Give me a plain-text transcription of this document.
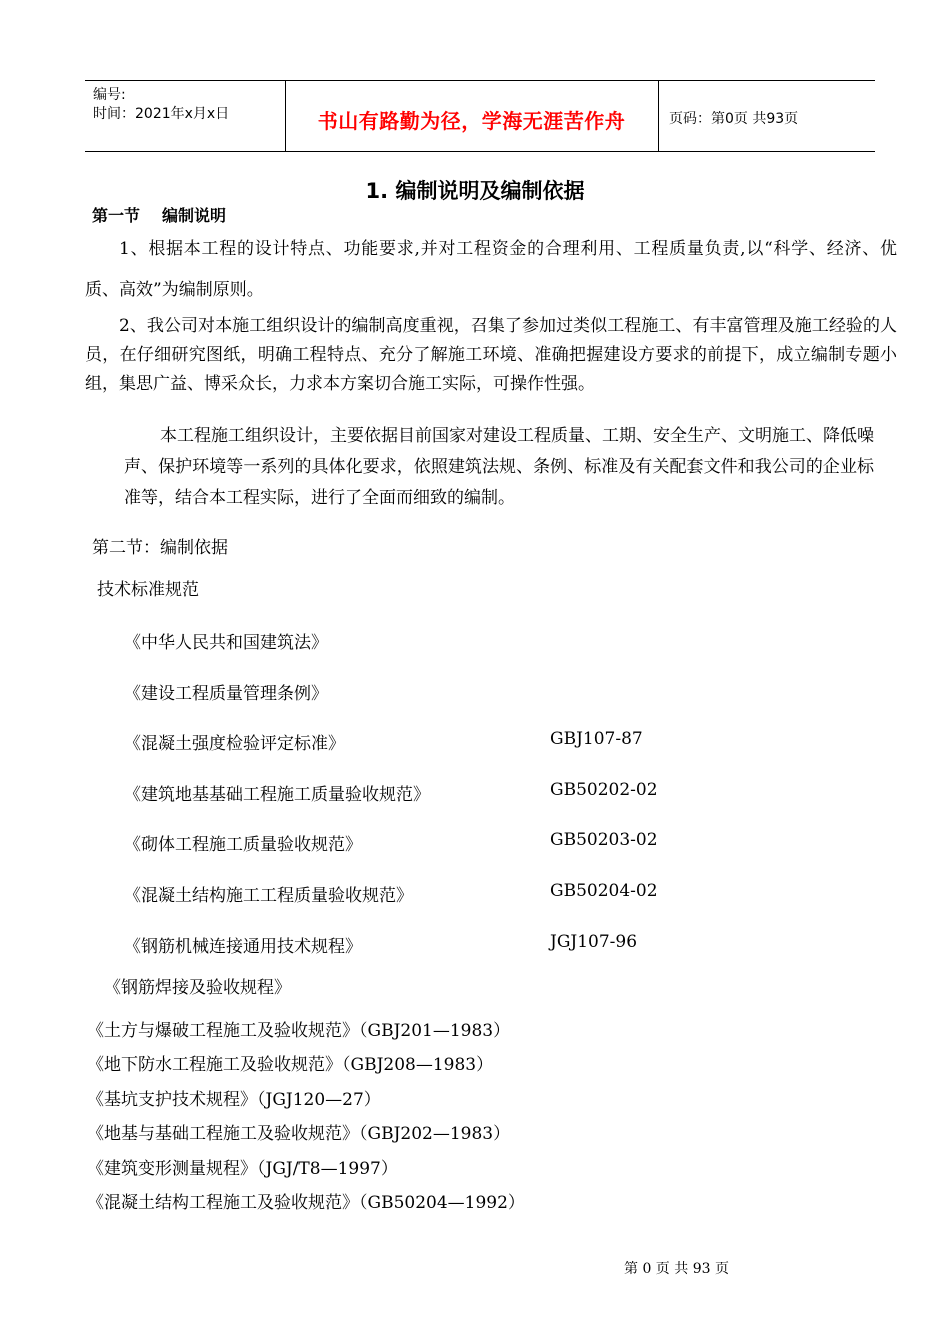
编号:
时间：2021年x月x日	书山有路勤为径，学海无涯苦作舟	页码：第0页 共93页
1. 编制说明及编制依据
第一节 编制说明
1、根据本工程的设计特点、功能要求,并对工程资金的合理利用、工程质量负责,以“科学、经济、优质、高效”为编制原则。
2、我公司对本施工组织设计的编制高度重视，召集了参加过类似工程施工、有丰富管理及施工经验的人员，在仔细研究图纸，明确工程特点、充分了解施工环境、准确把握建设方要求的前提下，成立编制专题小组，集思广益、博采众长，力求本方案切合施工实际，可操作性强。
本工程施工组织设计，主要依据目前国家对建设工程质量、工期、安全生产、文明施工、降低噪声、保护环境等一系列的具体化要求，依照建筑法规、条例、标准及有关配套文件和我公司的企业标准等，结合本工程实际，进行了全面而细致的编制。
第二节：编制依据
技术标准规范
《中华人民共和国建筑法》
《建设工程质量管理条例》
《混凝土强度检验评定标准》	GBJ107-87
《建筑地基基础工程施工质量验收规范》	GB50202-02
《砌体工程施工质量验收规范》	GB50203-02
《混凝土结构施工工程质量验收规范》	GB50204-02
《钢筋机械连接通用技术规程》	JGJ107-96
《钢筋焊接及验收规程》
《土方与爆破工程施工及验收规范》（GBJ201—1983）
《地下防水工程施工及验收规范》（GBJ208—1983）
《基坑支护技术规程》（JGJ120—27）
《地基与基础工程施工及验收规范》（GBJ202—1983）
《建筑变形测量规程》（JGJ/T8—1997）
《混凝土结构工程施工及验收规范》（GB50204—1992）
第 0 页 共 93 页
